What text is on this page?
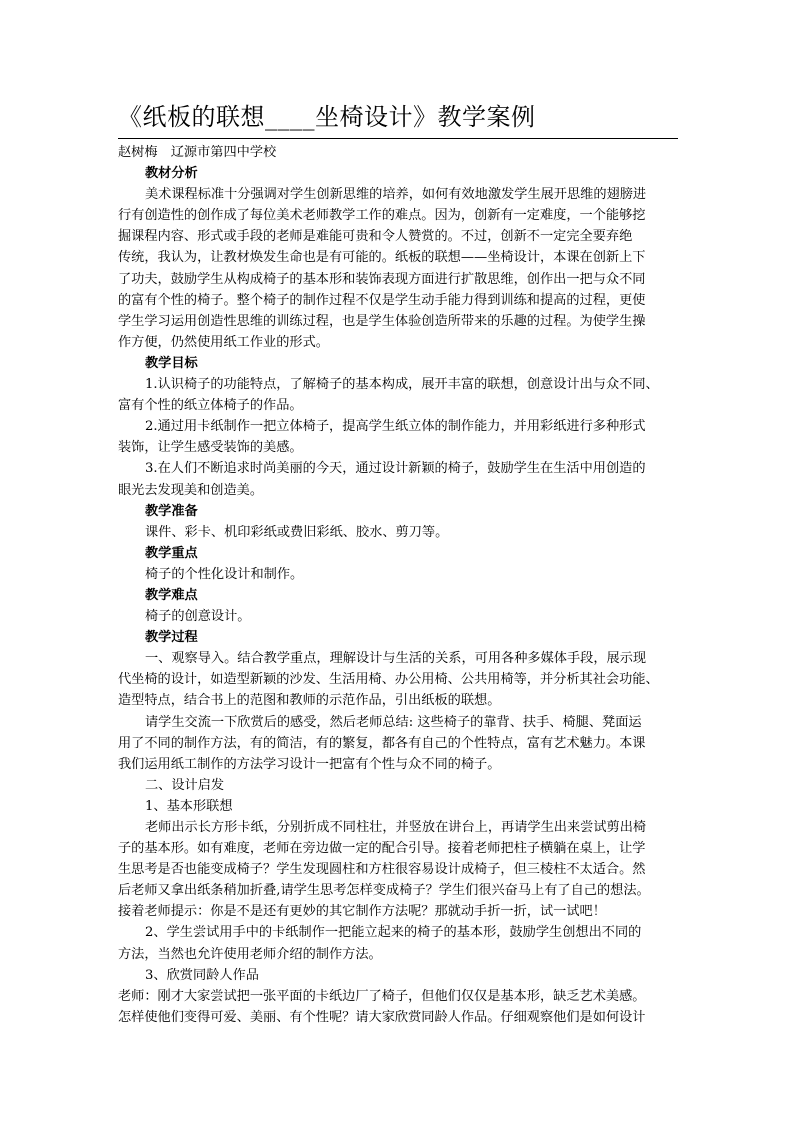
《纸板的联想____坐椅设计》教学案例
赵树梅　辽源市第四中学校
教材分析
美术课程标准十分强调对学生创新思维的培养，如何有效地激发学生展开思维的翅膀进
行有创造性的创作成了每位美术老师教学工作的难点。因为，创新有一定难度，一个能够挖
掘课程内容、形式或手段的老师是难能可贵和令人赞赏的。不过，创新不一定完全要弃绝
传统，我认为，让教材焕发生命也是有可能的。纸板的联想——坐椅设计，本课在创新上下
了功夫，鼓励学生从构成椅子的基本形和装饰表现方面进行扩散思维，创作出一把与众不同
的富有个性的椅子。整个椅子的制作过程不仅是学生动手能力得到训练和提高的过程，更使
学生学习运用创造性思维的训练过程，也是学生体验创造所带来的乐趣的过程。为使学生操
作方便，仍然使用纸工作业的形式。
教学目标
1.认识椅子的功能特点，了解椅子的基本构成，展开丰富的联想，创意设计出与众不同、
富有个性的纸立体椅子的作品。
2.通过用卡纸制作一把立体椅子，提高学生纸立体的制作能力，并用彩纸进行多种形式
装饰，让学生感受装饰的美感。
3.在人们不断追求时尚美丽的今天，通过设计新颖的椅子，鼓励学生在生活中用创造的
眼光去发现美和创造美。
教学准备
课件、彩卡、机印彩纸或费旧彩纸、胶水、剪刀等。
教学重点
椅子的个性化设计和制作。
教学难点
椅子的创意设计。
教学过程
一、观察导入。结合教学重点，理解设计与生活的关系，可用各种多媒体手段，展示现
代坐椅的设计，如造型新颖的沙发、生活用椅、办公用椅、公共用椅等，并分析其社会功能、
造型特点，结合书上的范图和教师的示范作品，引出纸板的联想。
请学生交流一下欣赏后的感受，然后老师总结: 这些椅子的靠背、扶手、椅腿、凳面运
用了不同的制作方法，有的简洁，有的繁复，都各有自己的个性特点，富有艺术魅力。本课
我们运用纸工制作的方法学习设计一把富有个性与众不同的椅子。
二、设计启发
1、基本形联想
老师出示长方形卡纸，分别折成不同柱壮，并竖放在讲台上，再请学生出来尝试剪出椅
子的基本形。如有难度，老师在旁边做一定的配合引导。接着老师把柱子横躺在桌上，让学
生思考是否也能变成椅子？学生发现圆柱和方柱很容易设计成椅子，但三棱柱不太适合。然
后老师又拿出纸条稍加折叠,请学生思考怎样变成椅子？学生们很兴奋马上有了自己的想法。
接着老师提示：你是不是还有更妙的其它制作方法呢？那就动手折一折，试一试吧！
2、学生尝试用手中的卡纸制作一把能立起来的椅子的基本形，鼓励学生创想出不同的
方法，当然也允许使用老师介绍的制作方法。
3、欣赏同龄人作品
老师：刚才大家尝试把一张平面的卡纸边厂了椅子，但他们仅仅是基本形，缺乏艺术美感。
怎样使他们变得可爱、美丽、有个性呢？请大家欣赏同龄人作品。仔细观察他们是如何设计
